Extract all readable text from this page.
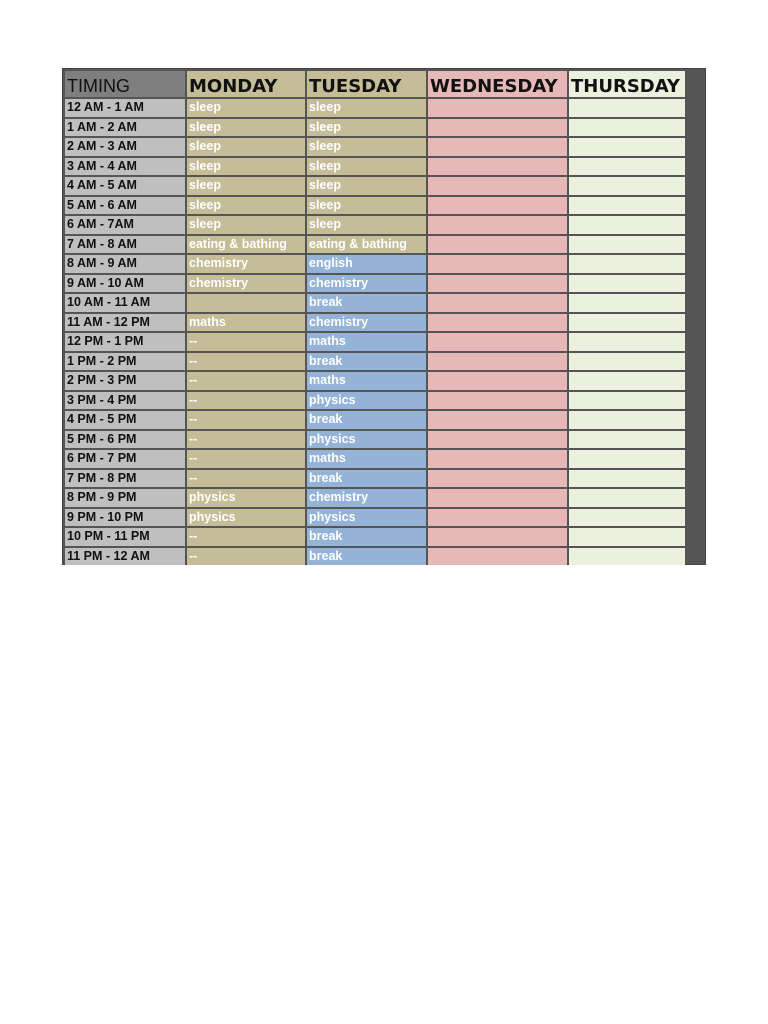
TIMING	MONDAY	TUESDAY	WEDNESDAY	THURSDAY
12 AM - 1 AM	sleep	sleep		
1 AM - 2 AM	sleep	sleep		
2 AM - 3 AM	sleep	sleep		
3 AM - 4 AM	sleep	sleep		
4 AM - 5 AM	sleep	sleep		
5 AM - 6 AM	sleep	sleep		
6 AM - 7AM	sleep	sleep		
7 AM - 8 AM	eating & bathing	eating & bathing		
8 AM - 9 AM	chemistry	english		
9 AM - 10 AM	chemistry	chemistry		
10 AM - 11 AM		break		
11 AM - 12 PM	maths	chemistry		
12 PM - 1 PM	--	maths		
1 PM - 2 PM	--	break		
2 PM - 3 PM	--	maths		
3 PM - 4 PM	--	physics		
4 PM - 5 PM	--	break		
5 PM - 6 PM	--	physics		
6 PM - 7 PM	--	maths		
7 PM - 8 PM	--	break		
8 PM - 9 PM	physics	chemistry		
9 PM - 10 PM	physics	physics		
10 PM - 11 PM	--	break		
11 PM - 12 AM	--	break		
